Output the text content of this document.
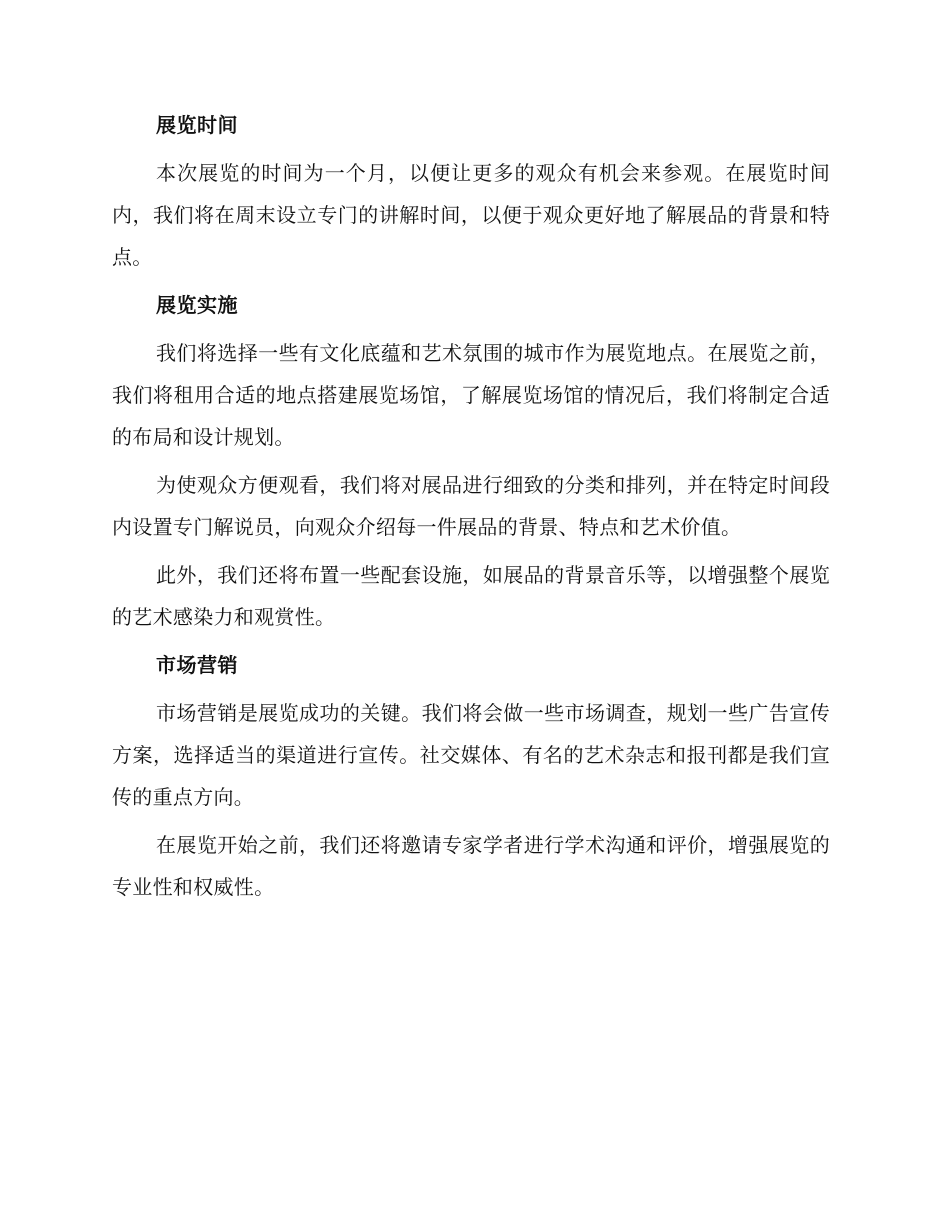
展览时间

本次展览的时间为一个月，以便让更多的观众有机会来参观。在展览时间内，我们将在周末设立专门的讲解时间，以便于观众更好地了解展品的背景和特点。

展览实施

我们将选择一些有文化底蕴和艺术氛围的城市作为展览地点。在展览之前，我们将租用合适的地点搭建展览场馆，了解展览场馆的情况后，我们将制定合适的布局和设计规划。

为使观众方便观看，我们将对展品进行细致的分类和排列，并在特定时间段内设置专门解说员，向观众介绍每一件展品的背景、特点和艺术价值。

此外，我们还将布置一些配套设施，如展品的背景音乐等，以增强整个展览的艺术感染力和观赏性。

市场营销

市场营销是展览成功的关键。我们将会做一些市场调查，规划一些广告宣传方案，选择适当的渠道进行宣传。社交媒体、有名的艺术杂志和报刊都是我们宣传的重点方向。

在展览开始之前，我们还将邀请专家学者进行学术沟通和评价，增强展览的专业性和权威性。
